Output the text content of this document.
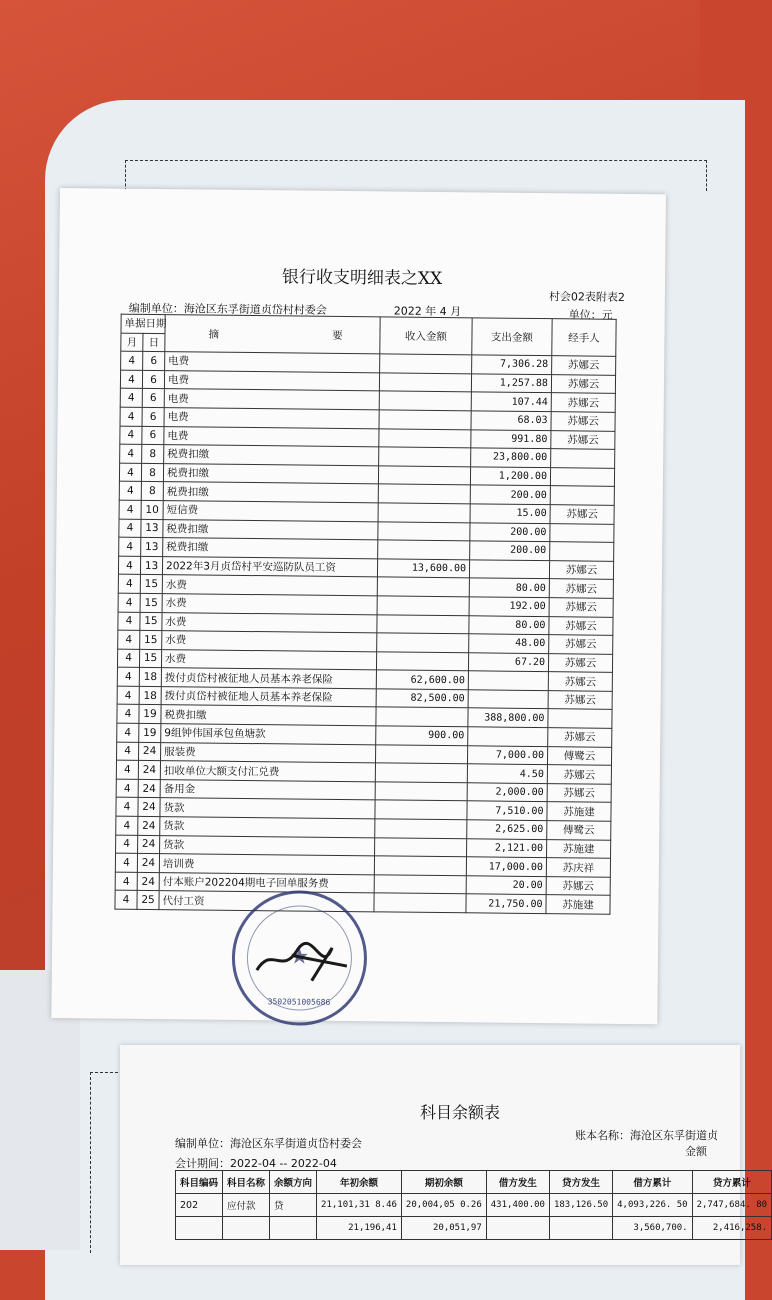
银行收支明细表之XX
村会02表附表2
编制单位：海沧区东孚街道贞岱村村委会	2022 年 4 月	单位：元
单据日期		摘 要	收入金额	支出金额	经手人
月	日				
4	6	电费		7,306.28	苏娜云
4	6	电费		1,257.88	苏娜云
4	6	电费		107.44	苏娜云
4	6	电费		68.03	苏娜云
4	6	电费		991.80	苏娜云
4	8	税费扣缴		23,800.00	
4	8	税费扣缴		1,200.00	
4	8	税费扣缴		200.00	
4	10	短信费		15.00	苏娜云
4	13	税费扣缴		200.00	
4	13	税费扣缴		200.00	
4	13	2022年3月贞岱村平安巡防队员工资	13,600.00		苏娜云
4	15	水费		80.00	苏娜云
4	15	水费		192.00	苏娜云
4	15	水费		80.00	苏娜云
4	15	水费		48.00	苏娜云
4	15	水费		67.20	苏娜云
4	18	拨付贞岱村被征地人员基本养老保险	62,600.00		苏娜云
4	18	拨付贞岱村被征地人员基本养老保险	82,500.00		苏娜云
4	19	税费扣缴		388,800.00	
4	19	9组钟伟国承包鱼塘款	900.00		苏娜云
4	24	服装费		7,000.00	傅鹭云
4	24	扣收单位大额支付汇兑费		4.50	苏娜云
4	24	备用金		2,000.00	苏娜云
4	24	货款		7,510.00	苏施建
4	24	货款		2,625.00	傅鹭云
4	24	货款		2,121.00	苏施建
4	24	培训费		17,000.00	苏庆祥
4	24	付本账户202204期电子回单服务费		20.00	苏娜云
4	25	代付工资		21,750.00	苏施建
★
3502051005686
科目余额表
编制单位：海沧区东孚街道贞岱村委会
账本名称：海沧区东孚街道贞
金额
会计期间：2022-04 -- 2022-04
科目编码	科目名称	余额方向	年初余额	期初余额	借方发生	贷方发生	借方累计	贷方累计
202	应付款	贷	21,101,31 8.46	20,004,05 0.26	431,400.00	183,126.50	4,093,226. 50	2,747,684. 80
			21,196,41	20,051,97			3,560,700.	2,416,258.
